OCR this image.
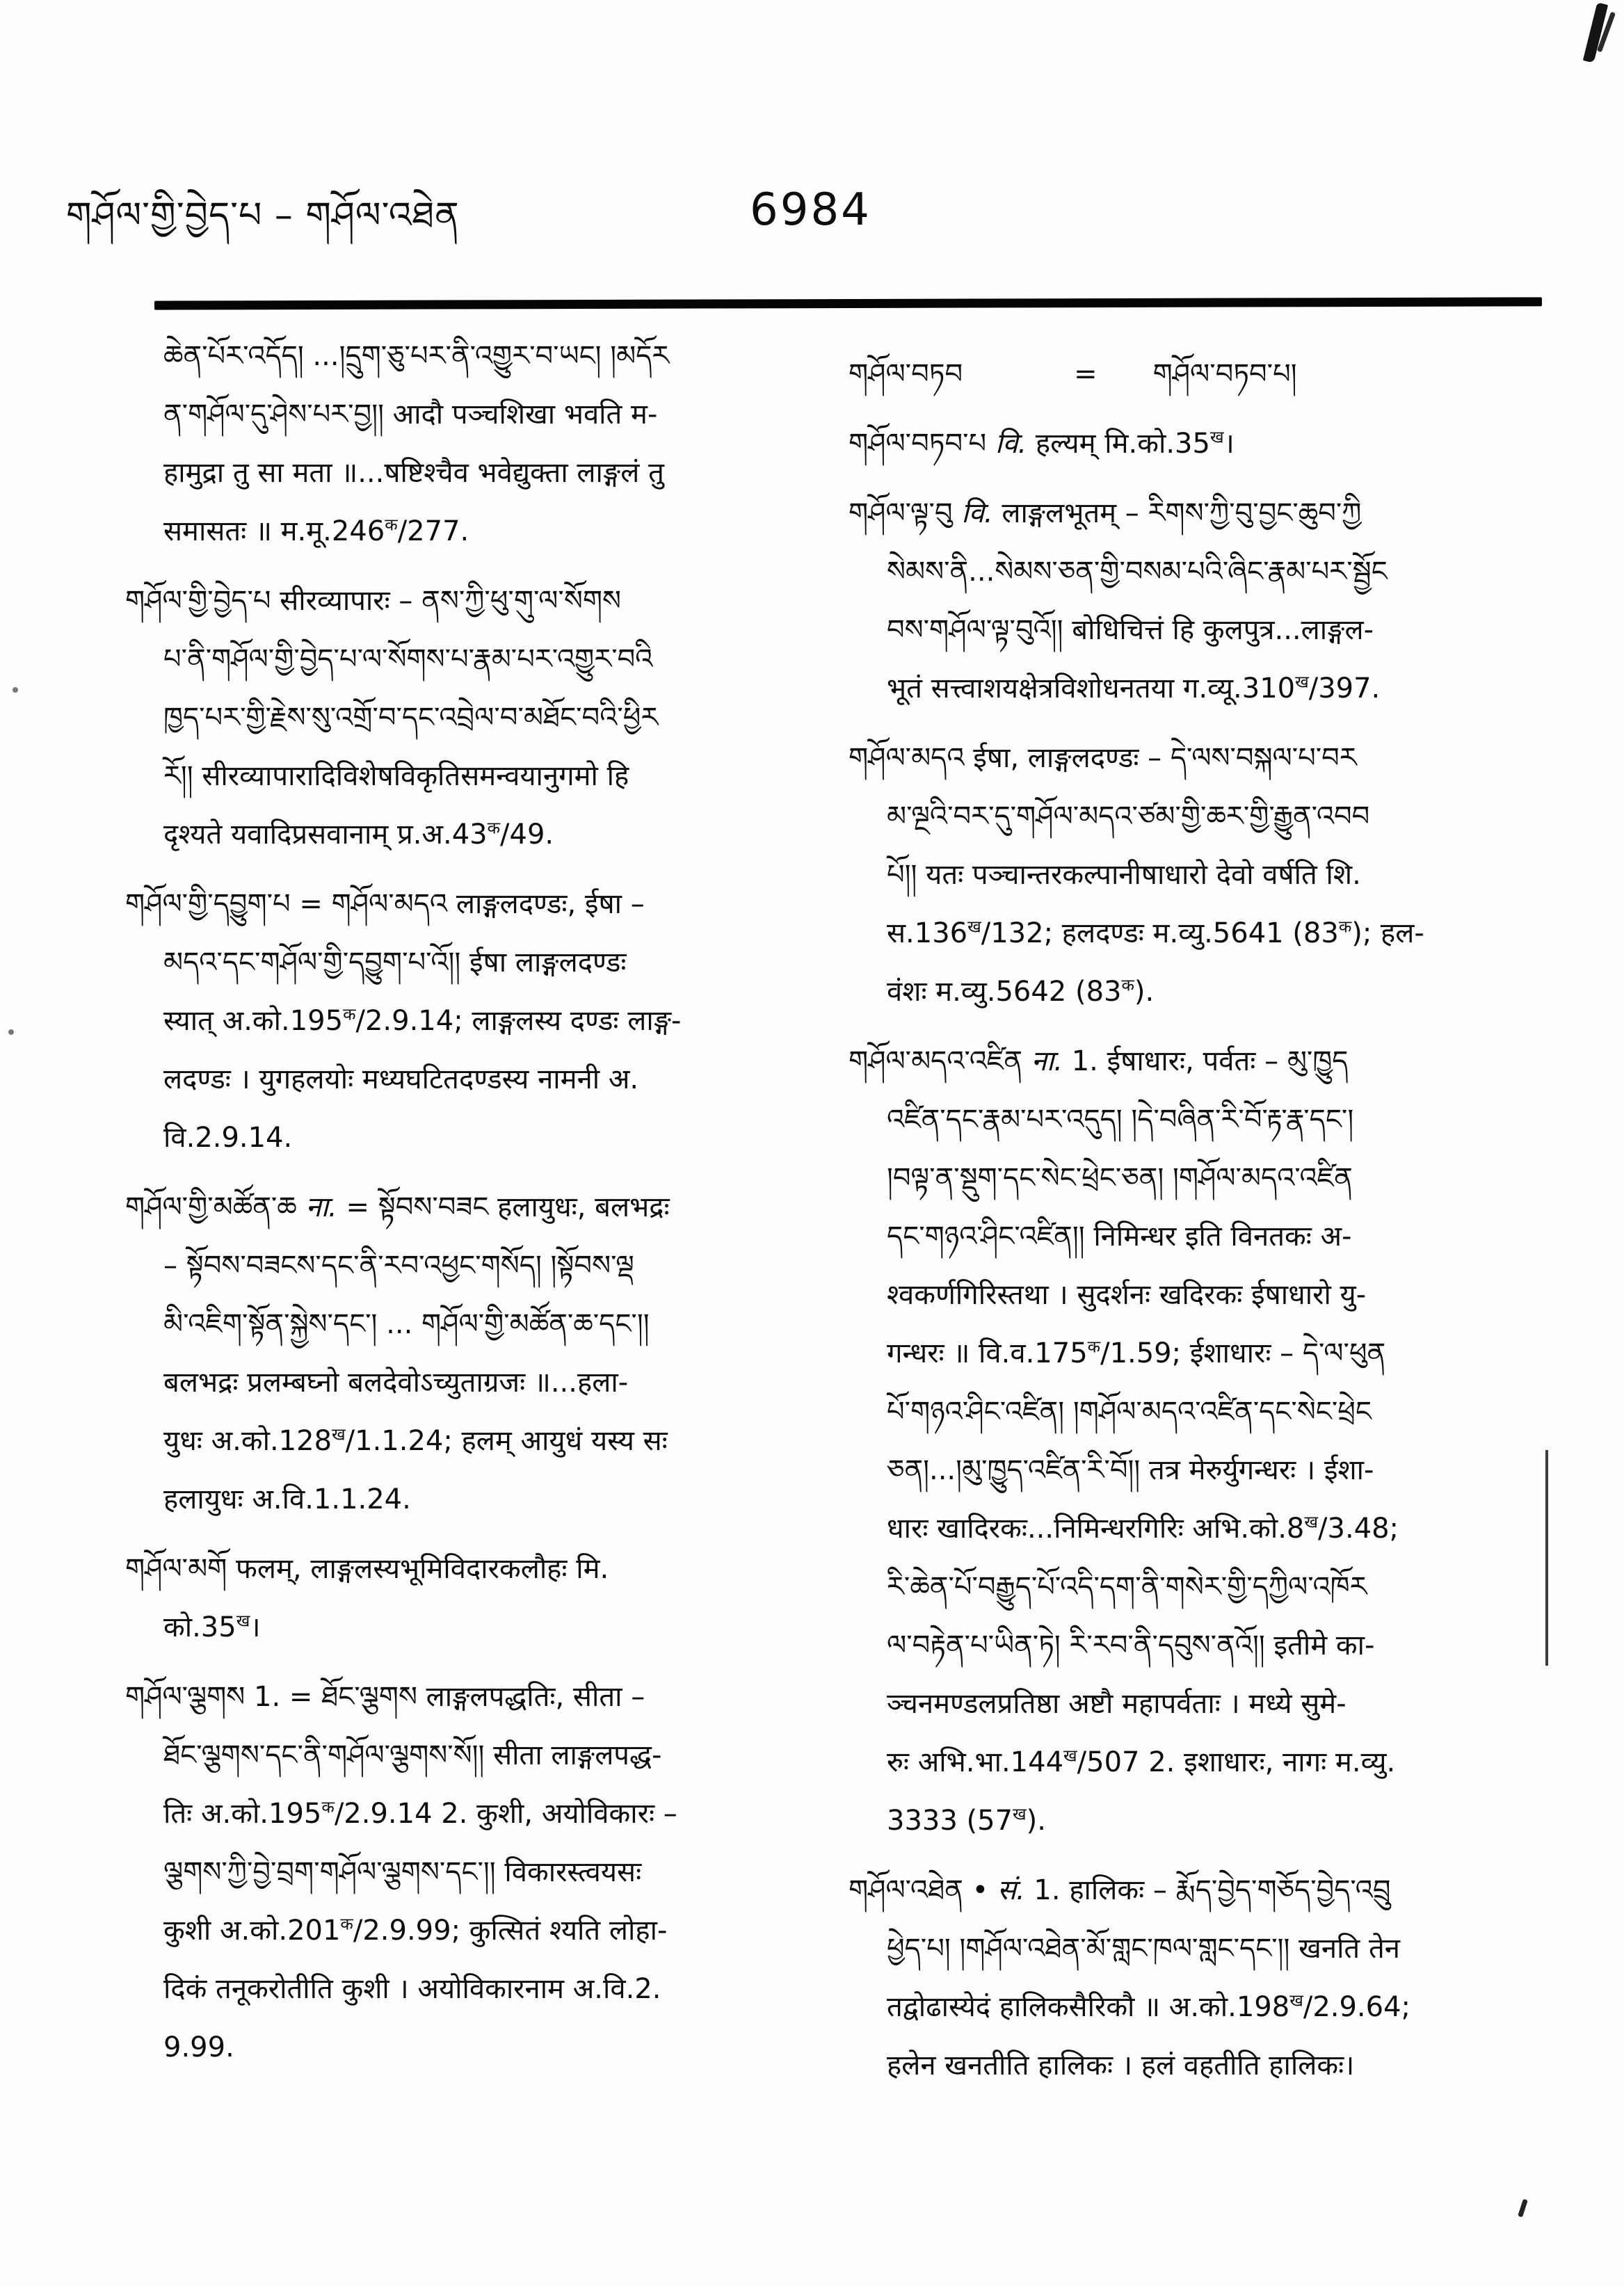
གཤོལ་གྱི་བྱེད་པ – གཤོལ་འཐེན	6984
ཆེན་པོར་འདོད། ...།དྲུག་ཅུ་པར་ནི་འགྱུར་བ་ཡང། །མདོར
ན་གཤོལ་དུ་ཤེས་པར་བྱ།། आदौ पञ्चशिखा भवति म-
हामुद्रा तु सा मता ॥...षष्टिश्चैव भवेद्युक्ता लाङ्गलं तु
समासतः ॥ $म.मू.246^क/277$.
གཤོལ་གྱི་བྱེད་པ सीरव्यापारः – ནས་ཀྱི་ཕུ་གུ་ལ་སོགས
པ་ནི་གཤོལ་གྱི་བྱེད་པ་ལ་སོགས་པ་རྣམ་པར་འགྱུར་བའི
ཁྱད་པར་གྱི་རྗེས་སུ་འགྲོ་བ་དང་འབྲེལ་བ་མཐོང་བའི་ཕྱིར
རོ།། सीरव्यापारादिविशेषविकृतिसमन्वयानुगमो हि
दृश्यते यवादिप्रसवानाम् $प्र.अ.43^क/49$.
གཤོལ་གྱི་དབྱུག་པ = གཤོལ་མདའ लाङ्गलदण्डः, ईषा –
མདའ་དང་གཤོལ་གྱི་དབྱུག་པ་འོ།། ईषा लाङ्गलदण्डः
स्यात् $अ.को.195^क/2.9.14$; लाङ्गलस्य दण्डः लाङ्ग-
लदण्डः । युगहलयोः मध्यघटितदण्डस्य नामनी अ.
वि.2.9.14.
གཤོལ་གྱི་མཚོན་ཆ ना. = སྟོབས་བཟང हलायुधः, बलभद्रः
– སྟོབས་བཟངས་དང་ནི་རབ་འཕྱང་གསོད། །སྟོབས་ལྡ
མི་འཇིག་སྟོན་སྐྱེས་དང་། ... གཤོལ་གྱི་མཚོན་ཆ་དང་།།
बलभद्रः प्रलम्बघ्नो बलदेवोऽच्युताग्रजः ॥...हला-
युधः $अ.को.128^ख/1.1.24$; हलम् आयुधं यस्य सः
हलायुधः अ.वि.1.1.24.
གཤོལ་མགོ फलम्, लाङ्गलस्यभूमिविदारकलौहः मि.
$को.35^ख।$
གཤོལ་ལྕགས 1. = ཐོང་ལྕགས लाङ्गलपद्धतिः, सीता –
ཐོང་ལྕགས་དང་ནི་གཤོལ་ལྕགས་སོ།། सीता लाङ्गलपद्ध-
तिः $अ.को.195^क/2.9.14$ 2. कुशी, अयोविकारः –
ལྕགས་ཀྱི་བྱེ་བྲག་གཤོལ་ལྕགས་དང་།། विकारस्त्वयसः
कुशी $अ.को.201^क/2.9.99$; कुत्सितं श्यति लोहा-
दिकं तनूकरोतीति कुशी । अयोविकारनाम अ.वि.2.
9.99.
གཤོལ་བཏབ    =  གཤོལ་བཏབ་པ།
གཤོལ་བཏབ་པ वि. हल्यम् $मि.को.35^ख।$
གཤོལ་ལྟ་བུ वि. लाङ्गलभूतम् – རིགས་ཀྱི་བུ་བྱང་ཆུབ་ཀྱི
སེམས་ནི...སེམས་ཅན་གྱི་བསམ་པའི་ཞིང་རྣམ་པར་སྦྱོང
བས་གཤོལ་ལྟ་བུའོ།། बोधिचित्तं हि कुलपुत्र...लाङ्गल-
भूतं सत्त्वाशयक्षेत्रविशोधनतया $ग.व्यू.310^ख/397$.
གཤོལ་མདའ ईषा, लाङ्गलदण्डः – དེ་ལས་བསྐལ་པ་བར
མ་ལྔའི་བར་དུ་གཤོལ་མདའ་ཙམ་གྱི་ཆར་གྱི་རྒྱུན་འབབ
པོ།། यतः पञ्चान्तरकल्पानीषाधारो देवो वर्षति शि.
$स.136^ख/132$; हलदण्डः म.व्यु.5641 $(83^क)$; हल-
वंशः म.व्यु.5642 $(83^क)$.
གཤོལ་མདའ་འཛིན ना. 1. ईषाधारः, पर्वतः – མུ་ཁྱུད
འཛིན་དང་རྣམ་པར་འདུད། །དེ་བཞིན་རི་བོ་རྟ་རྣ་དང་།
།བལྟ་ན་སྡུག་དང་སེང་ཕྲེང་ཅན། །གཤོལ་མདའ་འཛིན
དང་གཉའ་ཤིང་འཛིན།། निमिन्धर इति विनतकः अ-
श्वकर्णगिरिस्तथा । सुदर्शनः खदिरकः ईषाधारो यु-
गन्धरः ॥ $वि.व.175^क/1.59$; ईशाधारः – དེ་ལ་ཕུན
པོ་གཉའ་ཤིང་འཛིན། །གཤོལ་མདའ་འཛིན་དང་སེང་ཕྲེང
ཅན།...།མུ་ཁྱུད་འཛིན་རི་བོ།། तत्र मेरुर्युगन्धरः । ईशा-
धारः खादिरकः...निमिन्धरगिरिः $अभि.को.8^ख/3.48$;
རི་ཆེན་པོ་བརྒྱུད་པོ་འདི་དག་ནི་གསེར་གྱི་དཀྱིལ་འཁོར
ལ་བརྟེན་པ་ཡིན་ཏེ། རི་རབ་ནི་དབུས་ནའོ།། इतीमे का-
ञ्चनमण्डलप्रतिष्ठा अष्टौ महापर्वताः । मध्ये सुमे-
रुः $अभि.भा.144^ख/507$ 2. इशाधारः, नागः म.व्यु.
3333 $(57^ख)$.
གཤོལ་འཐེན • सं. 1. हालिकः – རྨོད་བྱེད་གཅོད་བྱེད་འབྲུ
ཕྱེད་པ། །གཤོལ་འཐེན་མོ་གླང་ཁལ་གླང་དང་།། खनति तेन
तद्वोढास्येदं हालिकसैरिकौ ॥ $अ.को.198^ख/2.9.64$;
हलेन खनतीति हालिकः । हलं वहतीति हालिकः।
